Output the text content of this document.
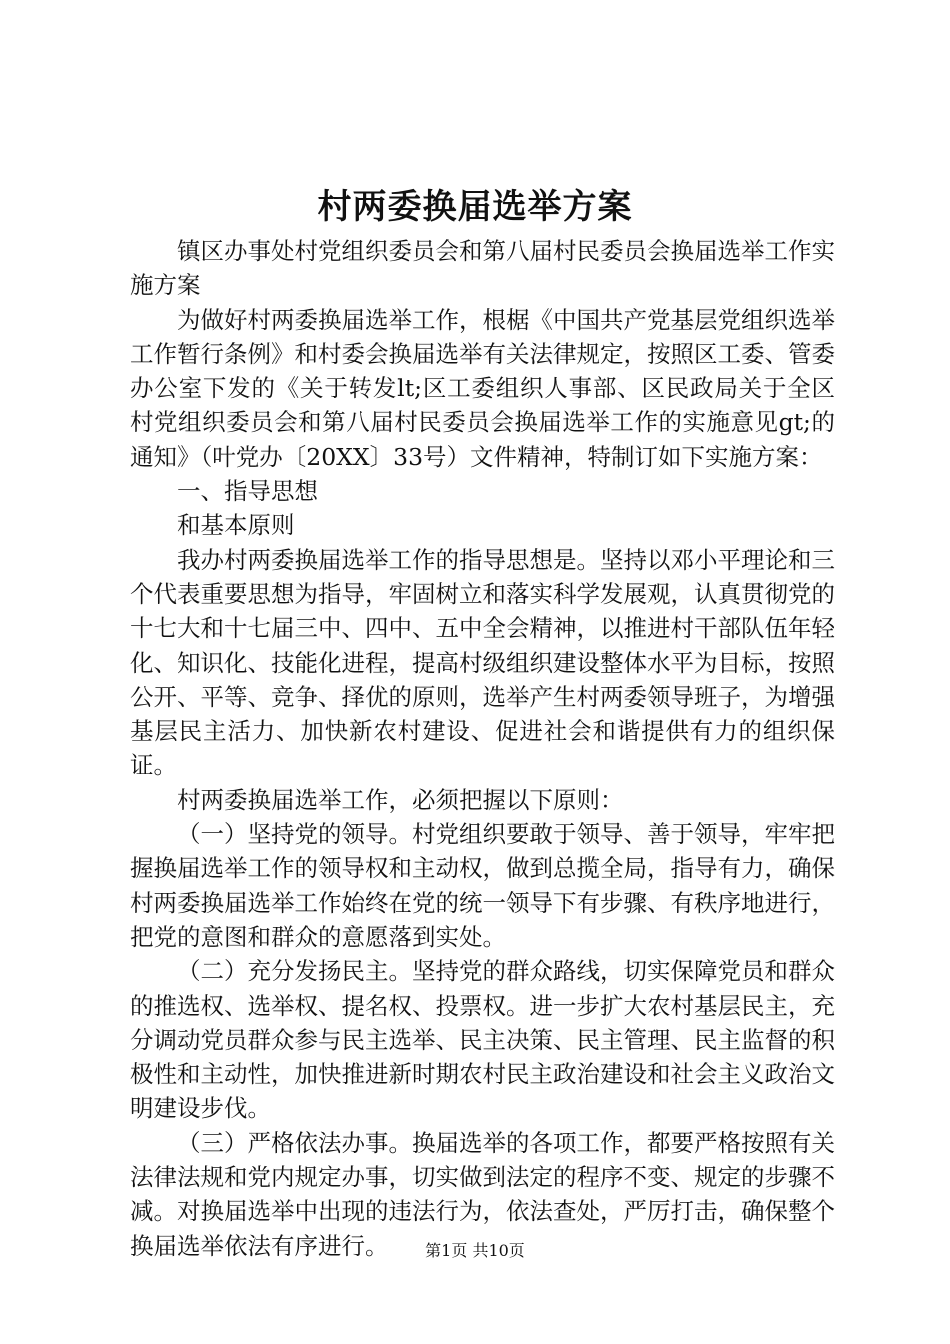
村两委换届选举方案

镇区办事处村党组织委员会和第八届村民委员会换届选举工作实施方案

为做好村两委换届选举工作，根椐《中国共产党基层党组织选举工作暂行条例》和村委会换届选举有关法律规定，按照区工委、管委办公室下发的《关于转发lt;区工委组织人事部、区民政局关于全区村党组织委员会和第八届村民委员会换届选举工作的实施意见gt;的通知》（叶党办〔20XX〕33号）文件精神，特制订如下实施方案：

一、指导思想

和基本原则

我办村两委换届选举工作的指导思想是。坚持以邓小平理论和三个代表重要思想为指导，牢固树立和落实科学发展观，认真贯彻党的十七大和十七届三中、四中、五中全会精神，以推进村干部队伍年轻化、知识化、技能化进程，提高村级组织建设整体水平为目标，按照公开、平等、竞争、择优的原则，选举产生村两委领导班子，为增强基层民主活力、加快新农村建设、促进社会和谐提供有力的组织保证。

村两委换届选举工作，必须把握以下原则：

（一）坚持党的领导。村党组织要敢于领导、善于领导，牢牢把握换届选举工作的领导权和主动权，做到总揽全局，指导有力，确保村两委换届选举工作始终在党的统一领导下有步骤、有秩序地进行，把党的意图和群众的意愿落到实处。

（二）充分发扬民主。坚持党的群众路线，切实保障党员和群众的推选权、选举权、提名权、投票权。进一步扩大农村基层民主，充分调动党员群众参与民主选举、民主决策、民主管理、民主监督的积极性和主动性，加快推进新时期农村民主政治建设和社会主义政治文明建设步伐。

（三）严格依法办事。换届选举的各项工作，都要严格按照有关法律法规和党内规定办事，切实做到法定的程序不变、规定的步骤不减。对换届选举中出现的违法行为，依法查处，严厉打击，确保整个换届选举依法有序进行。	第1页 共10页
